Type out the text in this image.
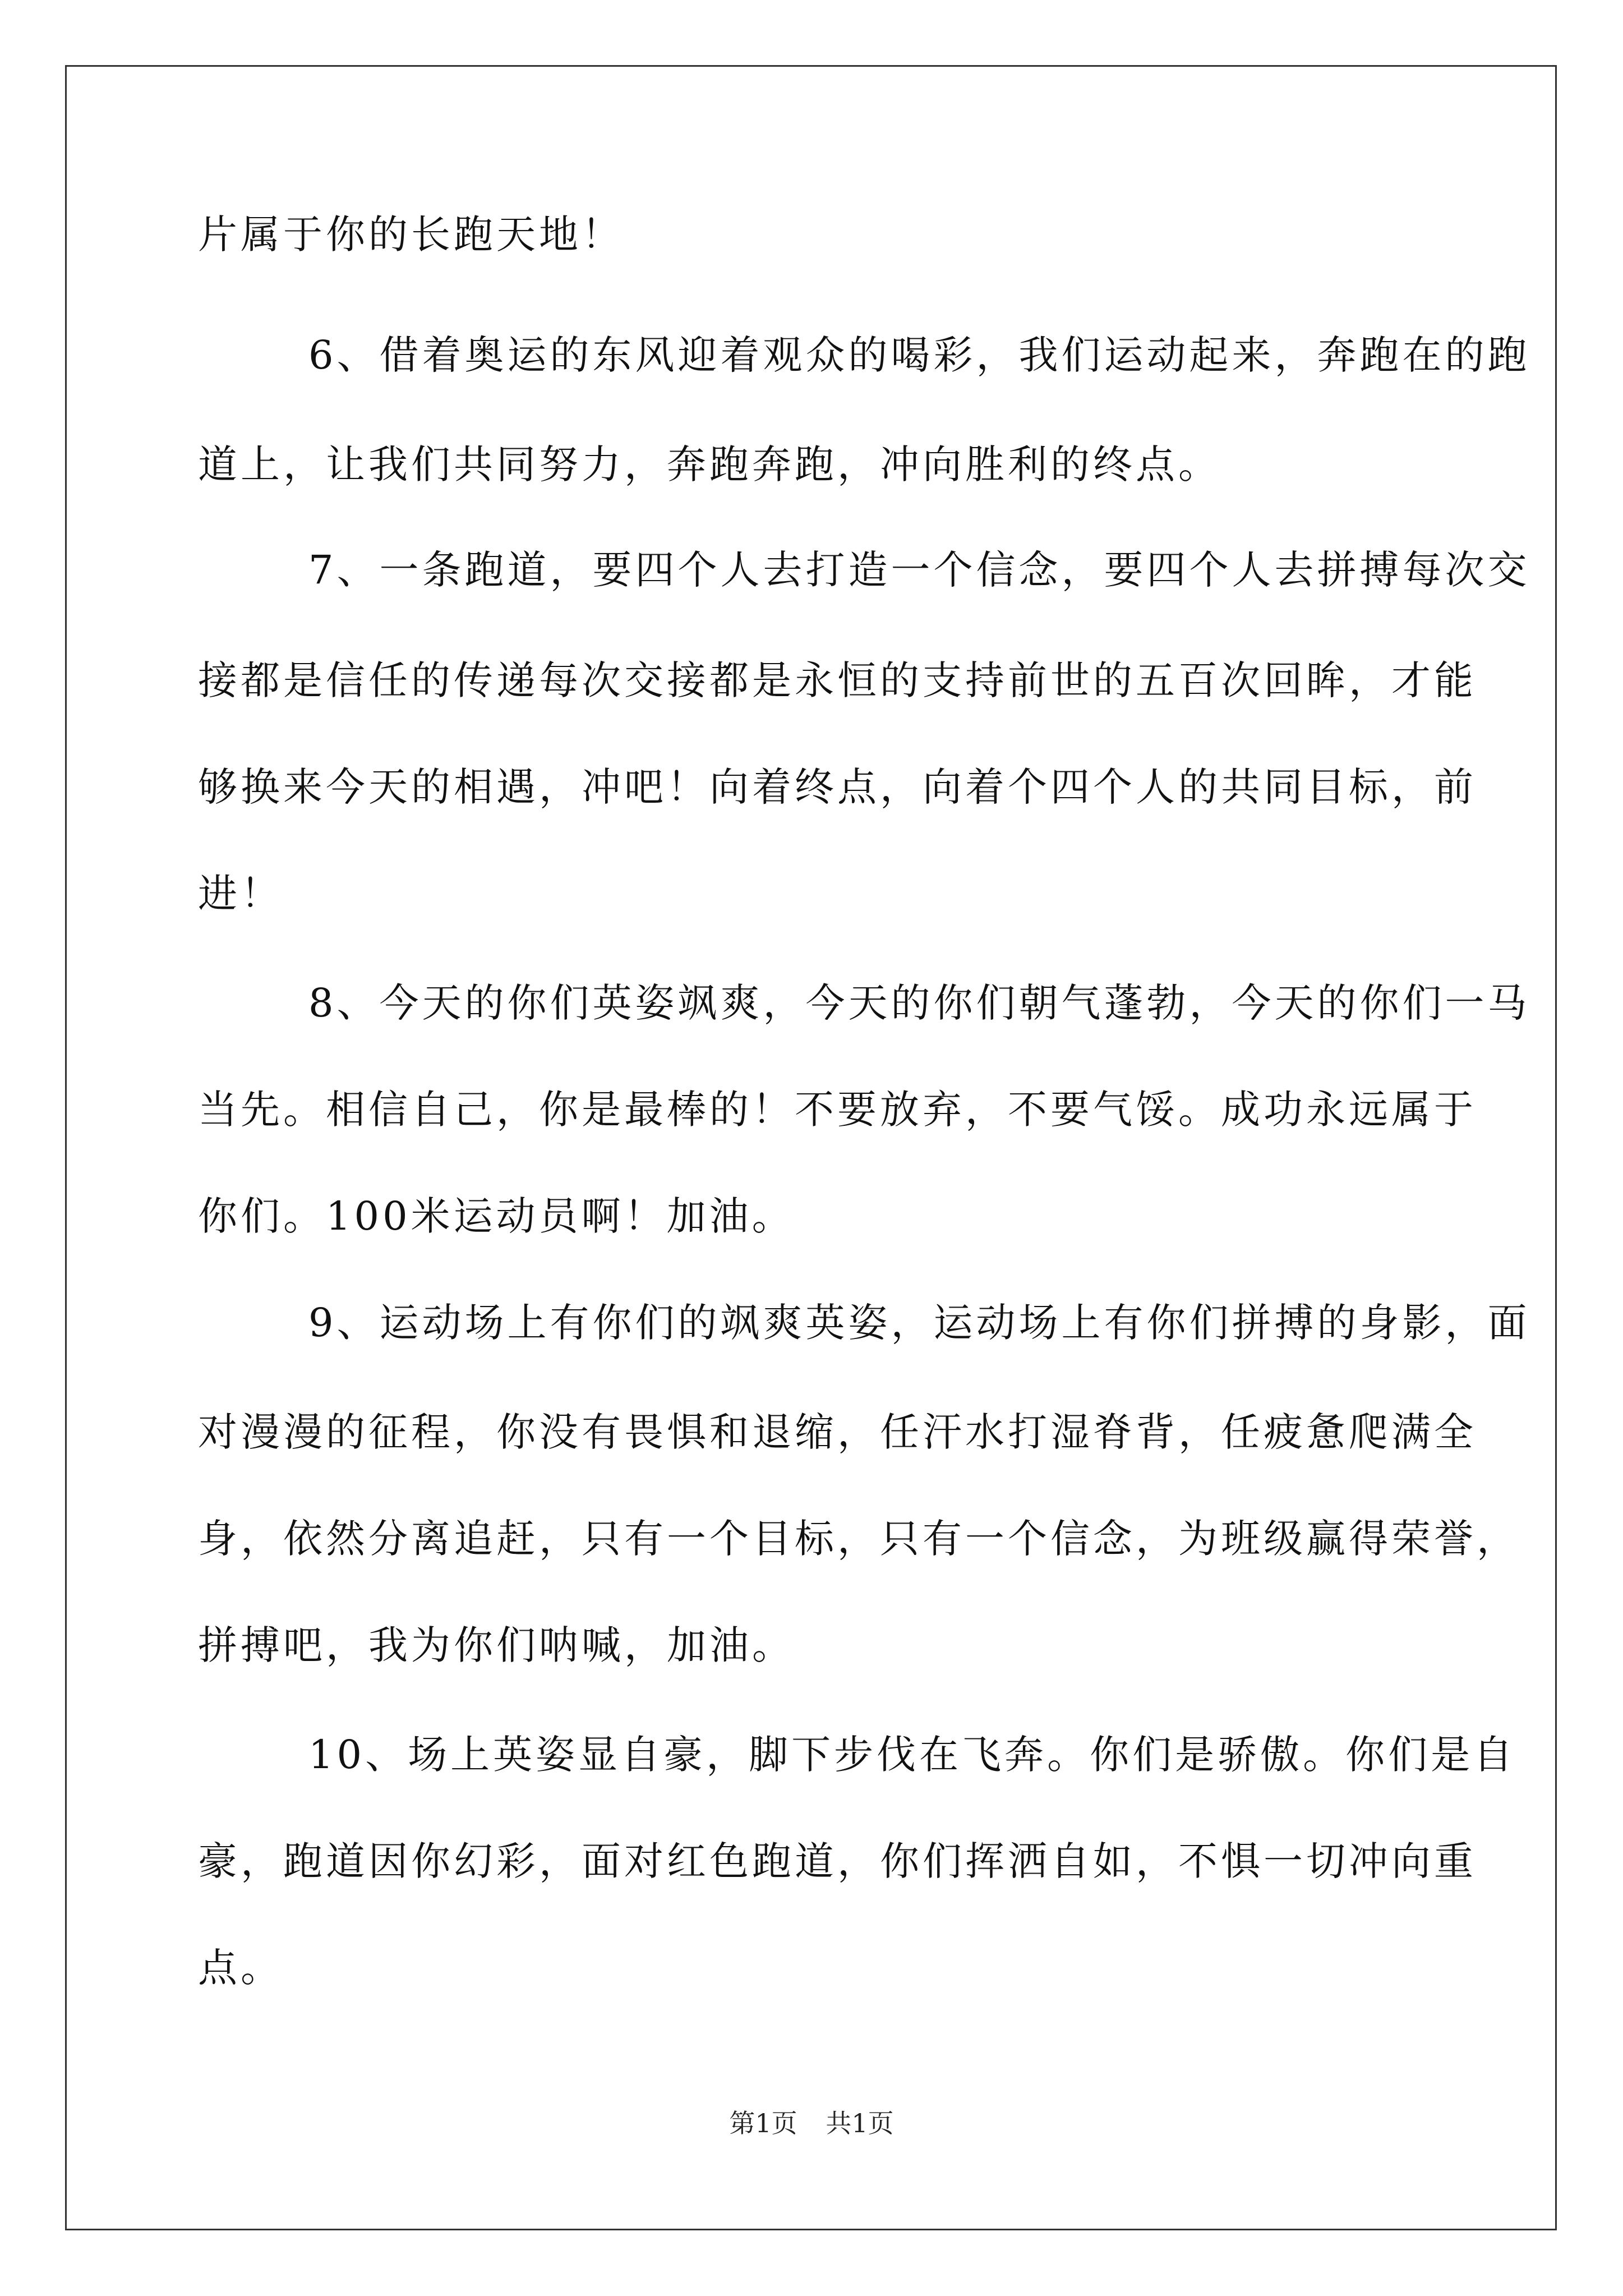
片属于你的长跑天地！
6、借着奥运的东风迎着观众的喝彩，我们运动起来，奔跑在的跑
道上，让我们共同努力，奔跑奔跑，冲向胜利的终点。
7、一条跑道，要四个人去打造一个信念，要四个人去拼搏每次交
接都是信任的传递每次交接都是永恒的支持前世的五百次回眸，才能
够换来今天的相遇，冲吧！向着终点，向着个四个人的共同目标，前
进！
8、今天的你们英姿飒爽，今天的你们朝气蓬勃，今天的你们一马
当先。相信自己，你是最棒的！不要放弃，不要气馁。成功永远属于
你们。100米运动员啊！加油。
9、运动场上有你们的飒爽英姿，运动场上有你们拼搏的身影，面
对漫漫的征程，你没有畏惧和退缩，任汗水打湿脊背，任疲惫爬满全
身，依然分离追赶，只有一个目标，只有一个信念，为班级赢得荣誉，
拼搏吧，我为你们呐喊，加油。
10、场上英姿显自豪，脚下步伐在飞奔。你们是骄傲。你们是自
豪，跑道因你幻彩，面对红色跑道，你们挥洒自如，不惧一切冲向重
点。
第1页 共1页
